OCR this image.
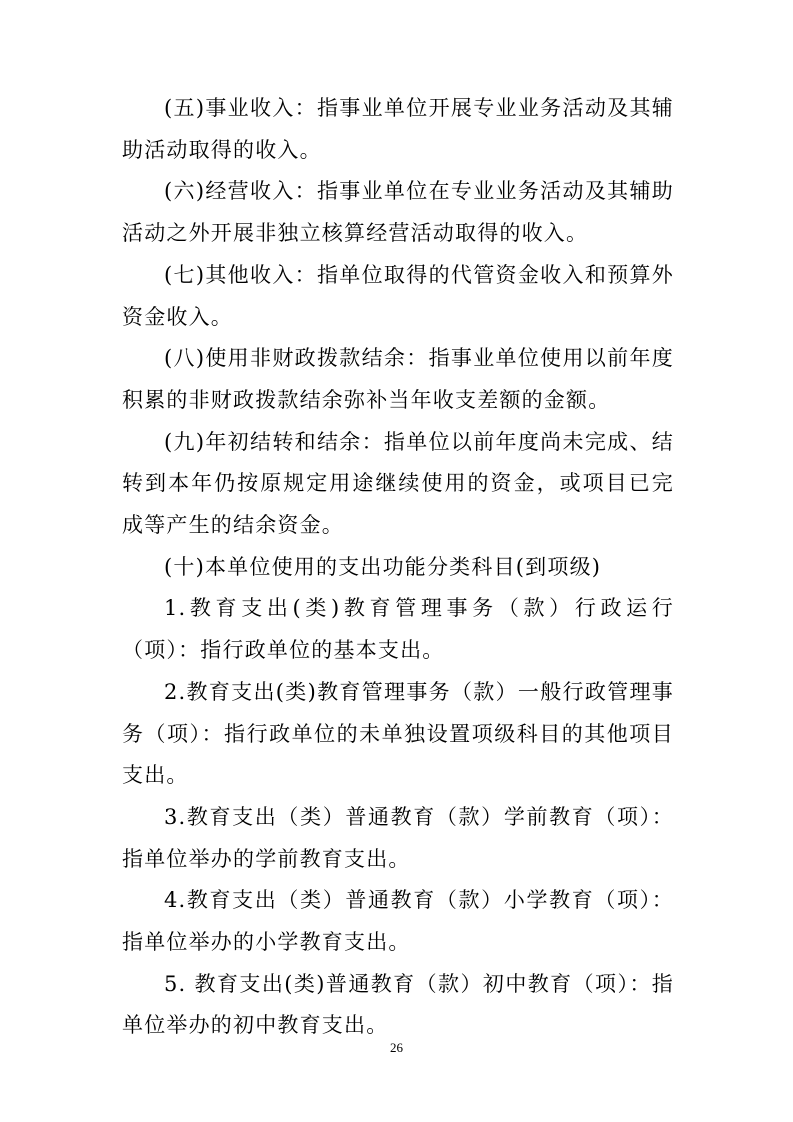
(五)事业收入：指事业单位开展专业业务活动及其辅助活动取得的收入。

(六)经营收入：指事业单位在专业业务活动及其辅助活动之外开展非独立核算经营活动取得的收入。

(七)其他收入：指单位取得的代管资金收入和预算外资金收入。

(八)使用非财政拨款结余：指事业单位使用以前年度积累的非财政拨款结余弥补当年收支差额的金额。

(九)年初结转和结余：指单位以前年度尚未完成、结转到本年仍按原规定用途继续使用的资金，或项目已完成等产生的结余资金。

(十)本单位使用的支出功能分类科目(到项级)

1.教育支出(类)教育管理事务（款）行政运行（项）：指行政单位的基本支出。

2.教育支出(类)教育管理事务（款）一般行政管理事务（项）：指行政单位的未单独设置项级科目的其他项目支出。

3.教育支出（类）普通教育（款）学前教育（项）：指单位举办的学前教育支出。

4.教育支出（类）普通教育（款）小学教育（项）：指单位举办的小学教育支出。

5. 教育支出(类)普通教育（款）初中教育（项）：指单位举办的初中教育支出。

26
